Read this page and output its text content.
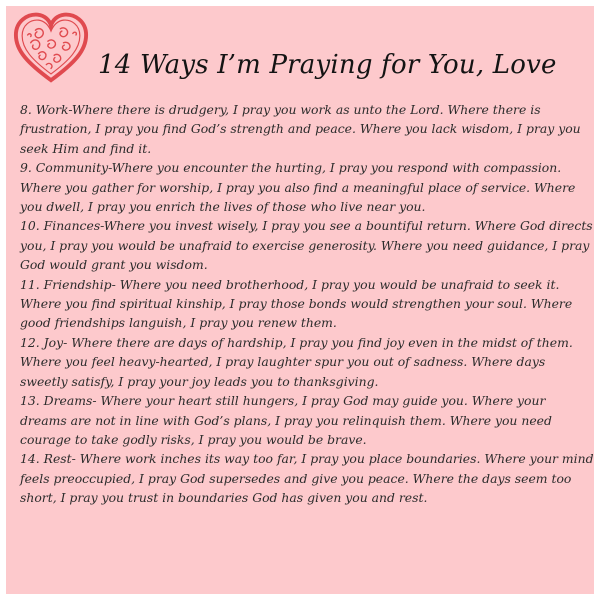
14 Ways I’m Praying for You, Love

8. Work-Where there is drudgery, I pray you work as unto the Lord. Where there is frustration, I pray you find God’s strength and peace. Where you lack wisdom, I pray you seek Him and find it.

9. Community-Where you encounter the hurting, I pray you respond with compassion. Where you gather for worship, I pray you also find a meaningful place of service. Where you dwell, I pray you enrich the lives of those who live near you.

10. Finances-Where you invest wisely, I pray you see a bountiful return. Where God directs you, I pray you would be unafraid to exercise generosity. Where you need guidance, I pray God would grant you wisdom.

11. Friendship- Where you need brotherhood, I pray you would be unafraid to seek it. Where you find spiritual kinship, I pray those bonds would strengthen your soul. Where good friendships languish, I pray you renew them.

12. Joy- Where there are days of hardship, I pray you find joy even in the midst of them. Where you feel heavy-hearted, I pray laughter spur you out of sadness. Where days sweetly satisfy, I pray your joy leads you to thanksgiving.

13. Dreams- Where your heart still hungers, I pray God may guide you. Where your dreams are not in line with God’s plans, I pray you relinquish them. Where you need courage to take godly risks, I pray you would be brave.

14. Rest- Where work inches its way too far, I pray you place boundaries. Where your mind feels preoccupied, I pray God supersedes and give you peace. Where the days seem too short, I pray you trust in boundaries God has given you and rest.
